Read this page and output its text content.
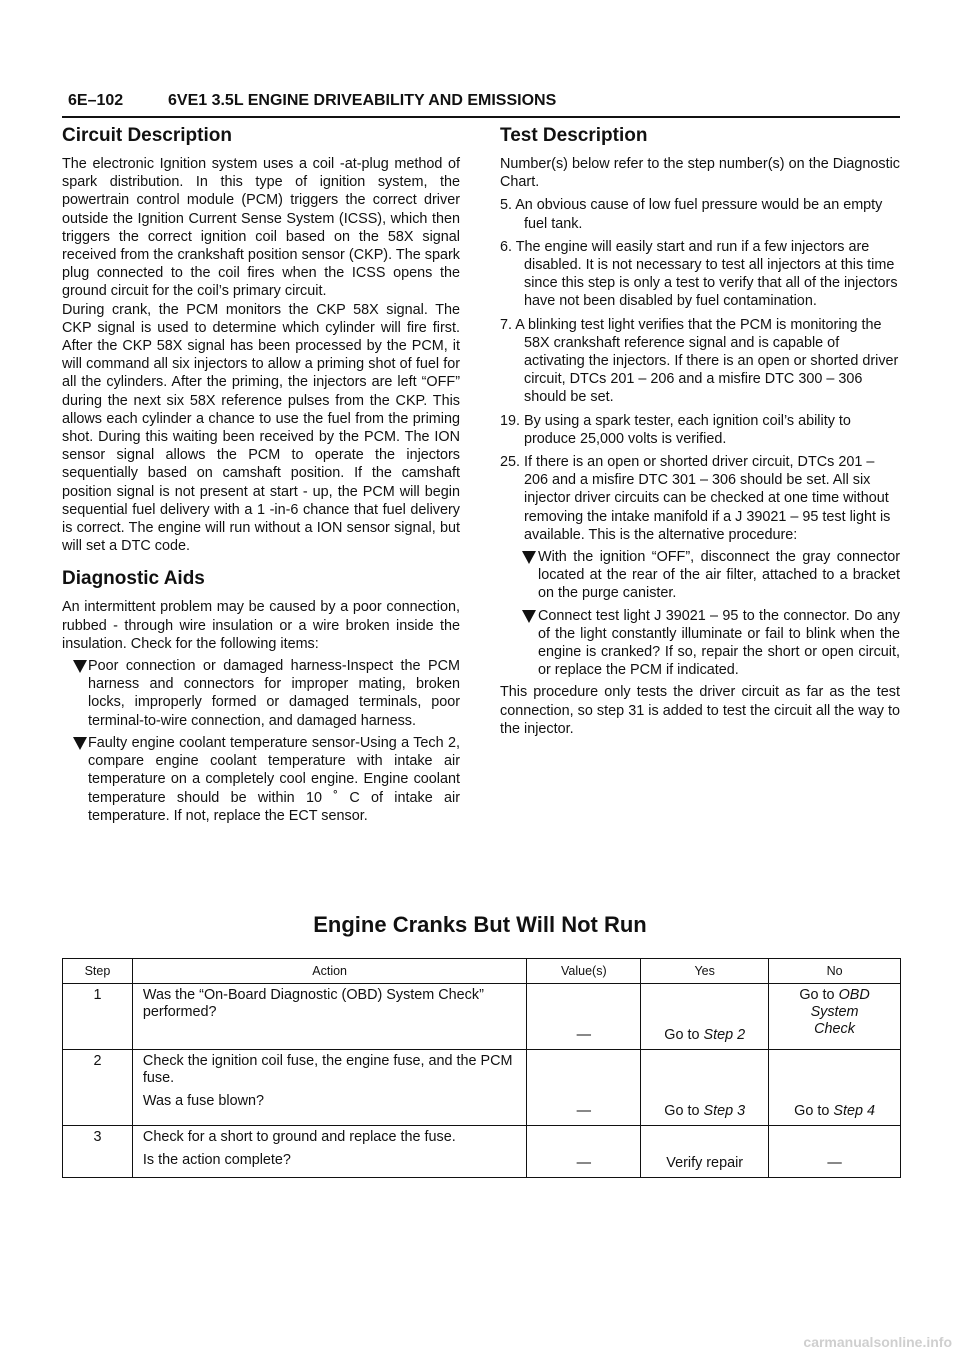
6E–102	6VE1 3.5L ENGINE DRIVEABILITY AND EMISSIONS
Circuit Description

The electronic Ignition system uses a coil -at-plug method of spark distribution. In this type of ignition system, the powertrain control module (PCM) triggers the correct driver outside the Ignition Current Sense System (ICSS), which then triggers the correct ignition coil based on the 58X signal received from the crankshaft position sensor (CKP). The spark plug connected to the coil fires when the ICSS opens the ground circuit for the coil’s primary circuit.

During crank, the PCM monitors the CKP 58X signal. The CKP signal is used to determine which cylinder will fire first. After the CKP 58X signal has been processed by the PCM, it will command all six injectors to allow a priming shot of fuel for all the cylinders. After the priming, the injectors are left “OFF” during the next six 58X reference pulses from the CKP. This allows each cylinder a chance to use the fuel from the priming shot. During this waiting been received by the PCM. The ION sensor signal allows the PCM to operate the injectors sequentially based on camshaft position. If the camshaft position signal is not present at start - up, the PCM will begin sequential fuel delivery with a 1 -in-6 chance that fuel delivery is correct. The engine will run without a ION sensor signal, but will set a DTC code.

Diagnostic Aids

An intermittent problem may be caused by a poor connection, rubbed - through wire insulation or a wire broken inside the insulation. Check for the following items:

Poor connection or damaged harness-Inspect the PCM harness and connectors for improper mating, broken locks, improperly formed or damaged terminals, poor terminal-to-wire connection, and damaged harness.
Faulty engine coolant temperature sensor-Using a Tech 2, compare engine coolant temperature with intake air temperature on a completely cool engine. Engine coolant temperature should be within 10 ˚ C of intake air temperature. If not, replace the ECT sensor.
Test Description

Number(s) below refer to the step number(s) on the Diagnostic Chart.

5. An obvious cause of low fuel pressure would be an empty fuel tank.

6. The engine will easily start and run if a few injectors are disabled. It is not necessary to test all injectors at this time since this step is only a test to verify that all of the injectors have not been disabled by fuel contamination.

7. A blinking test light verifies that the PCM is monitoring the 58X crankshaft reference signal and is capable of activating the injectors. If there is an open or shorted driver circuit, DTCs 201 – 206 and a misfire DTC 300 – 306 should be set.

19. By using a spark tester, each ignition coil’s ability to produce 25,000 volts is verified.

25. If there is an open or shorted driver circuit, DTCs 201 – 206 and a misfire DTC 301 – 306 should be set. All six injector driver circuits can be checked at one time without removing the intake manifold if a J 39021 – 95 test light is available. This is the alternative procedure:

With the ignition “OFF”, disconnect the gray connector located at the rear of the air filter, attached to a bracket on the purge canister.
Connect test light J 39021 – 95 to the connector. Do any of the light constantly illuminate or fail to blink when the engine is cranked? If so, repair the short or open circuit, or replace the PCM if indicated.

This procedure only tests the driver circuit as far as the test connection, so step 31 is added to test the circuit all the way to the injector.

Engine Cranks But Will Not Run
Step	Action	Value(s)	Yes	No
1	Was the “On-Board Diagnostic (OBD) System Check” performed?	—	Go to Step 2	Go to OBD
System
Check

2	Check the ignition coil fuse, the engine fuse, and the PCM fuse.
Was a fuse blown?	—	Go to Step 3	Go to Step 4
3	Check for a short to ground and replace the fuse.
Is the action complete?	—	Verify repair	—
carmanualsonline.info
